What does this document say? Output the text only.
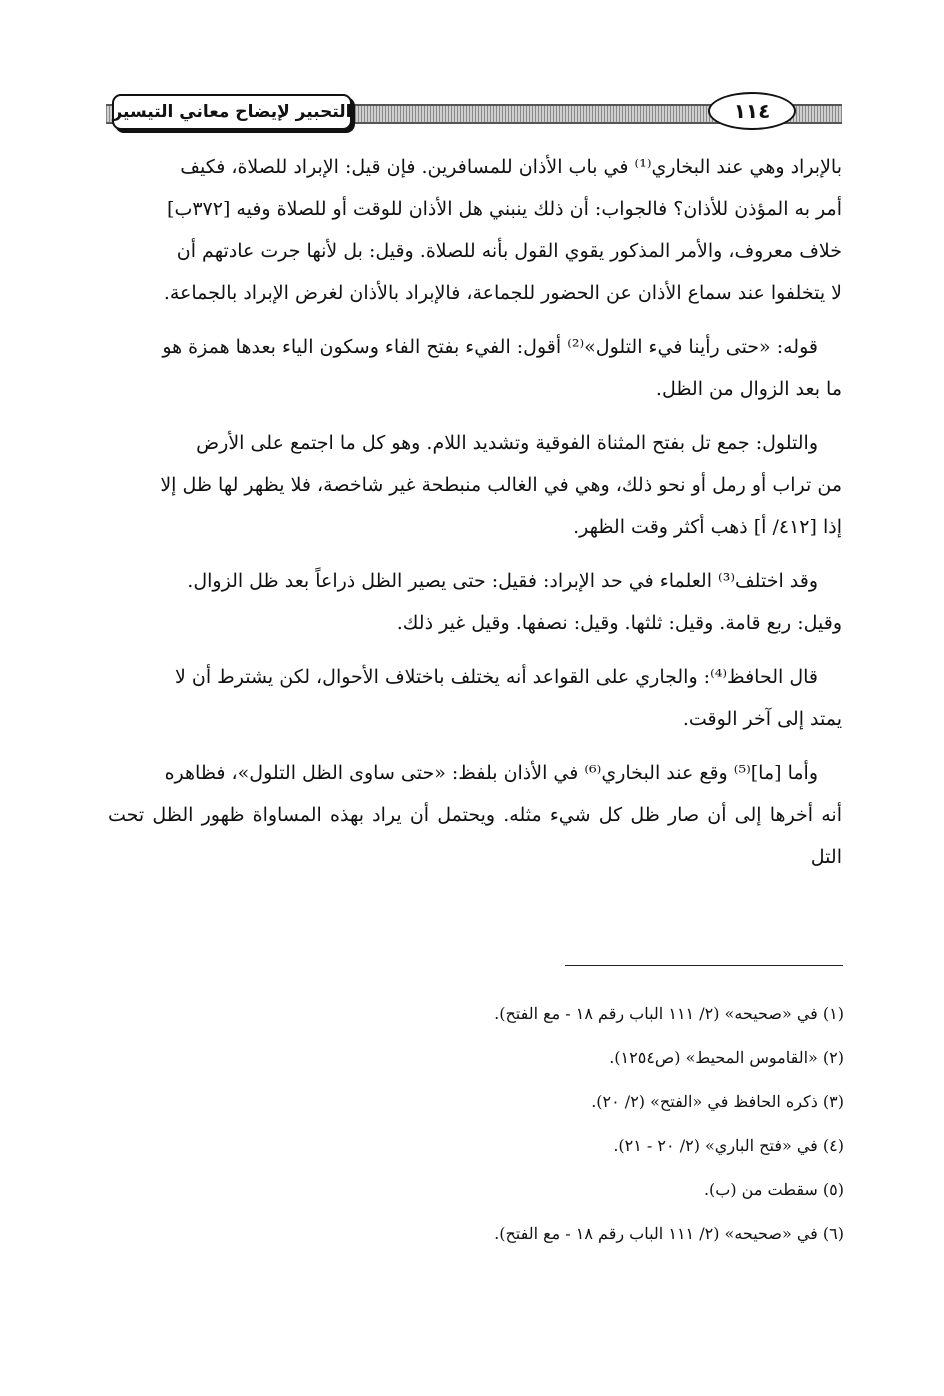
التحبير لإيضاح معاني التيسير	١١٤

بالإبراد وهي عند البخاري⁽¹⁾ في باب الأذان للمسافرين. فإن قيل: الإبراد للصلاة، فكيف
أمر به المؤذن للأذان؟ فالجواب: أن ذلك ينبني هل الأذان للوقت أو للصلاة وفيه [٣٧٢ب]
خلاف معروف، والأمر المذكور يقوي القول بأنه للصلاة. وقيل: بل لأنها جرت عادتهم أن
لا يتخلفوا عند سماع الأذان عن الحضور للجماعة، فالإبراد بالأذان لغرض الإبراد بالجماعة.

قوله: «حتى رأينا فيء التلول»⁽²⁾ أقول: الفيء بفتح الفاء وسكون الياء بعدها همزة هو
ما بعد الزوال من الظل.

والتلول: جمع تل بفتح المثناة الفوقية وتشديد اللام. وهو كل ما اجتمع على الأرض
من تراب أو رمل أو نحو ذلك، وهي في الغالب منبطحة غير شاخصة، فلا يظهر لها ظل إلا
إذا [٤١٢/ أ] ذهب أكثر وقت الظهر.

وقد اختلف⁽³⁾ العلماء في حد الإبراد: فقيل: حتى يصير الظل ذراعاً بعد ظل الزوال.
وقيل: ربع قامة. وقيل: ثلثها. وقيل: نصفها. وقيل غير ذلك.

قال الحافظ⁽⁴⁾: والجاري على القواعد أنه يختلف باختلاف الأحوال، لكن يشترط أن لا
يمتد إلى آخر الوقت.

وأما [ما]⁽⁵⁾ وقع عند البخاري⁽⁶⁾ في الأذان بلفظ: «حتى ساوى الظل التلول»، فظاهره
أنه أخرها إلى أن صار ظل كل شيء مثله. ويحتمل أن يراد بهذه المساواة ظهور الظل تحت التل

(١) في «صحيحه» (٢/ ١١١ الباب رقم ١٨ - مع الفتح).

(٢) «القاموس المحيط» (ص١٢٥٤).

(٣) ذكره الحافظ في «الفتح» (٢/ ٢٠).

(٤) في «فتح الباري» (٢/ ٢٠ - ٢١).

(٥) سقطت من (ب).

(٦) في «صحيحه» (٢/ ١١١ الباب رقم ١٨ - مع الفتح).
